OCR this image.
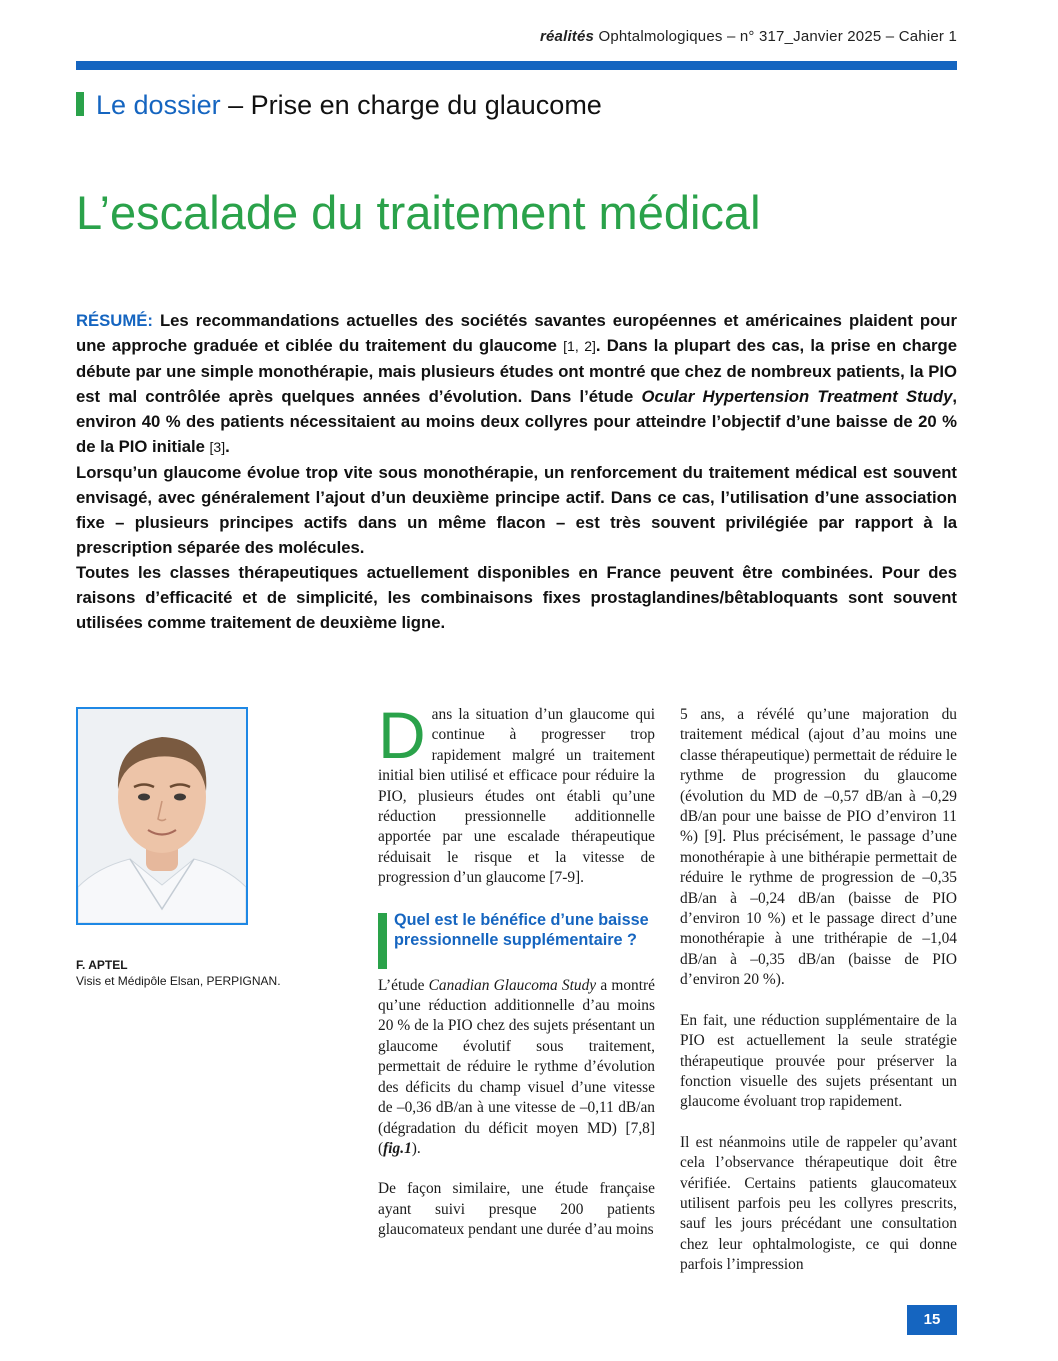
réalités Ophtalmologiques – n° 317_Janvier 2025 – Cahier 1
Le dossier – Prise en charge du glaucome
L’escalade du traitement médical

RÉSUMÉ: Les recommandations actuelles des sociétés savantes européennes et américaines plaident pour une approche graduée et ciblée du traitement du glaucome [1, 2]. Dans la plupart des cas, la prise en charge débute par une simple monothérapie, mais plusieurs études ont montré que chez de nombreux patients, la PIO est mal contrôlée après quelques années d’évolution. Dans l’étude Ocular Hypertension Treatment Study, environ 40 % des patients nécessitaient au moins deux collyres pour atteindre l’objectif d’une baisse de 20 % de la PIO initiale [3].

Lorsqu’un glaucome évolue trop vite sous monothérapie, un renforcement du traitement médical est souvent envisagé, avec généralement l’ajout d’un deuxième principe actif. Dans ce cas, l’utilisation d’une association fixe – plusieurs principes actifs dans un même flacon – est très souvent privilégiée par rapport à la prescription séparée des molécules.

Toutes les classes thérapeutiques actuellement disponibles en France peuvent être combinées. Pour des raisons d’efficacité et de simplicité, les combinaisons fixes prostaglandines/bêtabloquants sont souvent utilisées comme traitement de deuxième ligne.

F. APTEL
Visis et Médipôle Elsan, PERPIGNAN.

Dans la situation d’un glaucome qui continue à progresser trop rapidement malgré un traitement initial bien utilisé et efficace pour réduire la PIO, plusieurs études ont établi qu’une réduction pressionnelle additionnelle apportée par une escalade thérapeutique réduisait le risque et la vitesse de progression d’un glaucome [7-9].

Quel est le bénéfice d’une baisse pressionnelle supplémentaire ?

L’étude Canadian Glaucoma Study a montré qu’une réduction additionnelle d’au moins 20 % de la PIO chez des sujets présentant un glaucome évolutif sous traitement, permettait de réduire le rythme d’évolution des déficits du champ visuel d’une vitesse de –0,36 dB/an à une vitesse de –0,11 dB/an (dégradation du déficit moyen MD) [7,8] (fig.1).

De façon similaire, une étude française ayant suivi presque 200 patients glaucomateux pendant une durée d’au moins

5 ans, a révélé qu’une majoration du traitement médical (ajout d’au moins une classe thérapeutique) permettait de réduire le rythme de progression du glaucome (évolution du MD de –0,57 dB/an à –0,29 dB/an pour une baisse de PIO d’environ 11 %) [9]. Plus précisément, le passage d’une monothérapie à une bithérapie permettait de réduire le rythme de progression de –0,35 dB/an à –0,24 dB/an (baisse de PIO d’environ 10 %) et le passage direct d’une monothérapie à une trithérapie de –1,04 dB/an à –0,35 dB/an (baisse de PIO d’environ 20 %).

En fait, une réduction supplémentaire de la PIO est actuellement la seule stratégie thérapeutique prouvée pour préserver la fonction visuelle des sujets présentant un glaucome évoluant trop rapidement.

Il est néanmoins utile de rappeler qu’avant cela l’observance thérapeutique doit être vérifiée. Certains patients glaucomateux utilisent parfois peu les collyres prescrits, sauf les jours précédant une consultation chez leur ophtalmologiste, ce qui donne parfois l’impression

15
